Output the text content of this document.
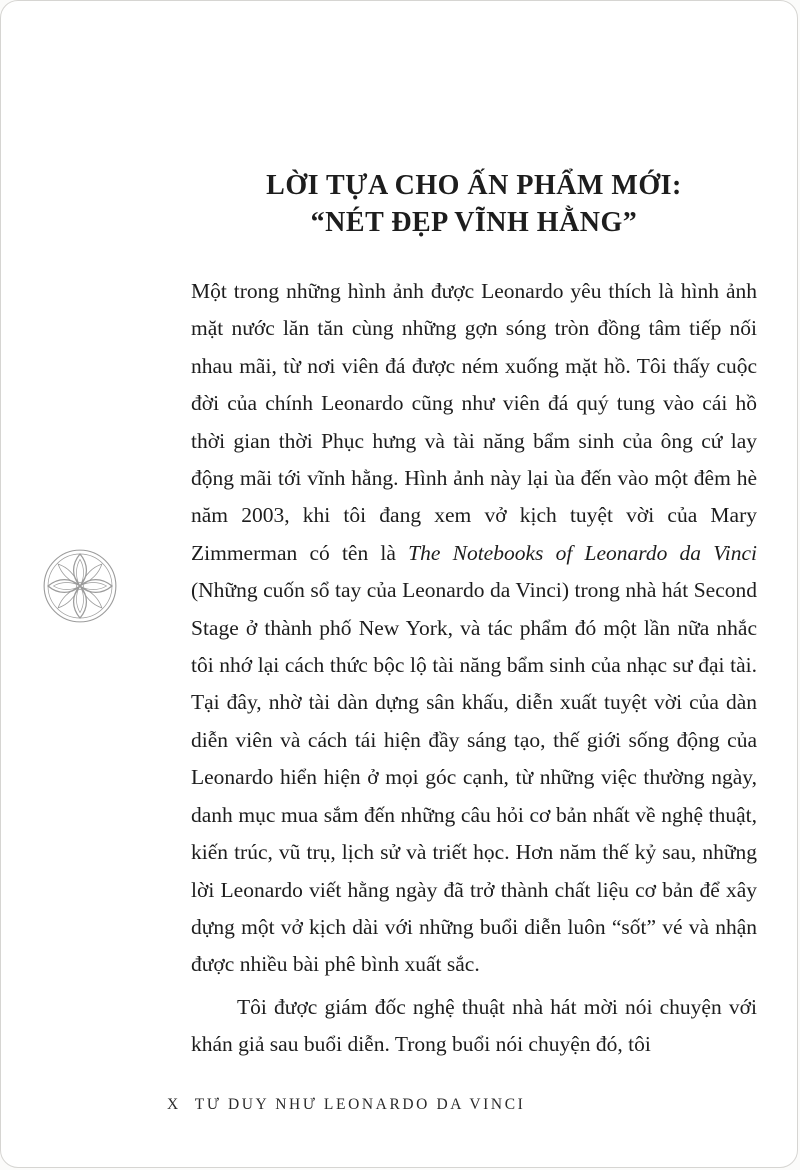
LỜI TỰA CHO ẤN PHẨM MỚI:
“NÉT ĐẸP VĨNH HẰNG”

Một trong những hình ảnh được Leonardo yêu thích là hình ảnh mặt nước lăn tăn cùng những gợn sóng tròn đồng tâm tiếp nối nhau mãi, từ nơi viên đá được ném xuống mặt hồ. Tôi thấy cuộc đời của chính Leonardo cũng như viên đá quý tung vào cái hồ thời gian thời Phục hưng và tài năng bẩm sinh của ông cứ lay động mãi tới vĩnh hằng. Hình ảnh này lại ùa đến vào một đêm hè năm 2003, khi tôi đang xem vở kịch tuyệt vời của Mary Zimmerman có tên là The Notebooks of Leonardo da Vinci (Những cuốn sổ tay của Leonardo da Vinci) trong nhà hát Second Stage ở thành phố New York, và tác phẩm đó một lần nữa nhắc tôi nhớ lại cách thức bộc lộ tài năng bẩm sinh của nhạc sư đại tài. Tại đây, nhờ tài dàn dựng sân khấu, diễn xuất tuyệt vời của dàn diễn viên và cách tái hiện đầy sáng tạo, thế giới sống động của Leonardo hiển hiện ở mọi góc cạnh, từ những việc thường ngày, danh mục mua sắm đến những câu hỏi cơ bản nhất về nghệ thuật, kiến trúc, vũ trụ, lịch sử và triết học. Hơn năm thế kỷ sau, những lời Leonardo viết hằng ngày đã trở thành chất liệu cơ bản để xây dựng một vở kịch dài với những buổi diễn luôn “sốt” vé và nhận được nhiều bài phê bình xuất sắc.

Tôi được giám đốc nghệ thuật nhà hát mời nói chuyện với khán giả sau buổi diễn. Trong buổi nói chuyện đó, tôi

X TƯ DUY NHƯ LEONARDO DA VINCI
